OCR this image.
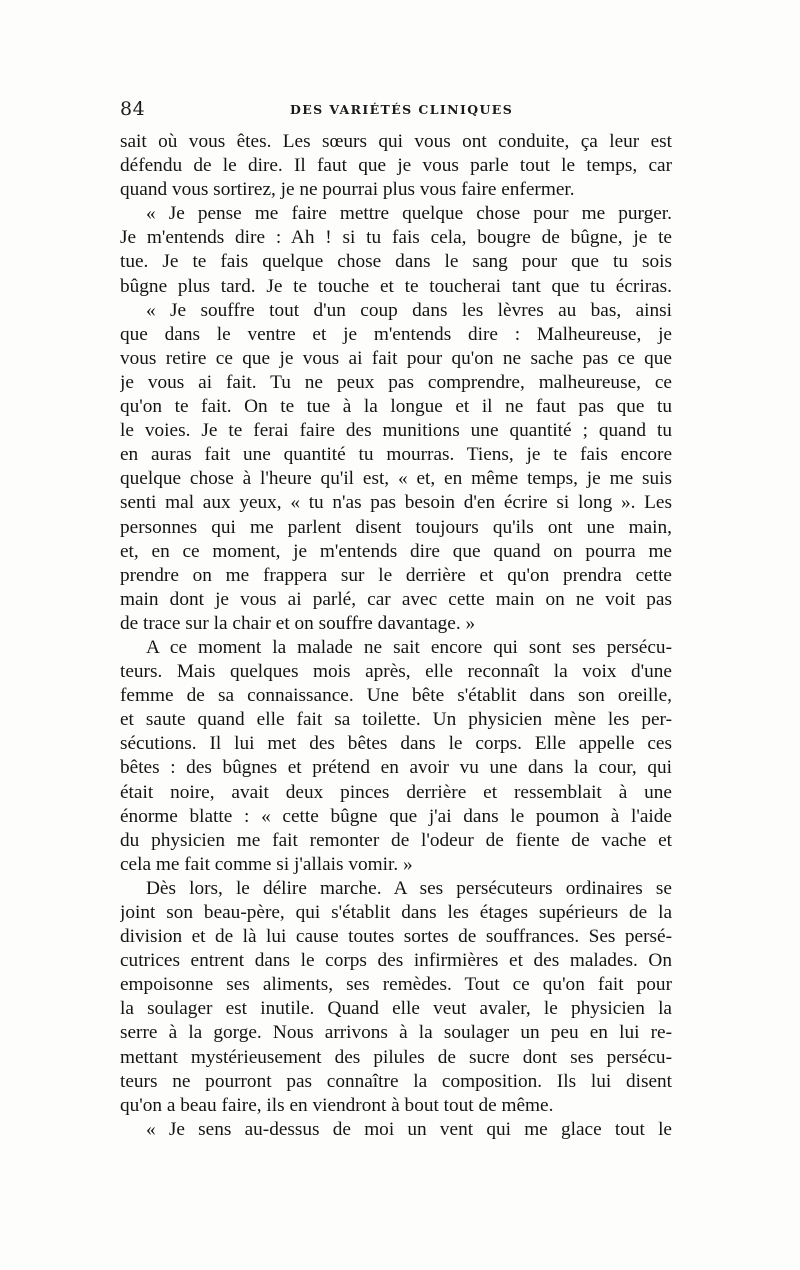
84	DES VARIÉTÉS CLINIQUES
sait où vous êtes. Les sœurs qui vous ont conduite, ça leur est
défendu de le dire. Il faut que je vous parle tout le temps, car
quand vous sortirez, je ne pourrai plus vous faire enfermer.
« Je pense me faire mettre quelque chose pour me purger.
Je m'entends dire : Ah ! si tu fais cela, bougre de bûgne, je te
tue. Je te fais quelque chose dans le sang pour que tu sois
bûgne plus tard. Je te touche et te toucherai tant que tu écriras.
« Je souffre tout d'un coup dans les lèvres au bas, ainsi
que dans le ventre et je m'entends dire : Malheureuse, je
vous retire ce que je vous ai fait pour qu'on ne sache pas ce que
je vous ai fait. Tu ne peux pas comprendre, malheureuse, ce
qu'on te fait. On te tue à la longue et il ne faut pas que tu
le voies. Je te ferai faire des munitions une quantité ; quand tu
en auras fait une quantité tu mourras. Tiens, je te fais encore
quelque chose à l'heure qu'il est, « et, en même temps, je me suis
senti mal aux yeux, « tu n'as pas besoin d'en écrire si long ». Les
personnes qui me parlent disent toujours qu'ils ont une main,
et, en ce moment, je m'entends dire que quand on pourra me
prendre on me frappera sur le derrière et qu'on prendra cette
main dont je vous ai parlé, car avec cette main on ne voit pas
de trace sur la chair et on souffre davantage. »
A ce moment la malade ne sait encore qui sont ses persécu-
teurs. Mais quelques mois après, elle reconnaît la voix d'une
femme de sa connaissance. Une bête s'établit dans son oreille,
et saute quand elle fait sa toilette. Un physicien mène les per-
sécutions. Il lui met des bêtes dans le corps. Elle appelle ces
bêtes : des bûgnes et prétend en avoir vu une dans la cour, qui
était noire, avait deux pinces derrière et ressemblait à une
énorme blatte : « cette bûgne que j'ai dans le poumon à l'aide
du physicien me fait remonter de l'odeur de fiente de vache et
cela me fait comme si j'allais vomir. »
Dès lors, le délire marche. A ses persécuteurs ordinaires se
joint son beau-père, qui s'établit dans les étages supérieurs de la
division et de là lui cause toutes sortes de souffrances. Ses persé-
cutrices entrent dans le corps des infirmières et des malades. On
empoisonne ses aliments, ses remèdes. Tout ce qu'on fait pour
la soulager est inutile. Quand elle veut avaler, le physicien la
serre à la gorge. Nous arrivons à la soulager un peu en lui re-
mettant mystérieusement des pilules de sucre dont ses persécu-
teurs ne pourront pas connaître la composition. Ils lui disent
qu'on a beau faire, ils en viendront à bout tout de même.
« Je sens au-dessus de moi un vent qui me glace tout le
